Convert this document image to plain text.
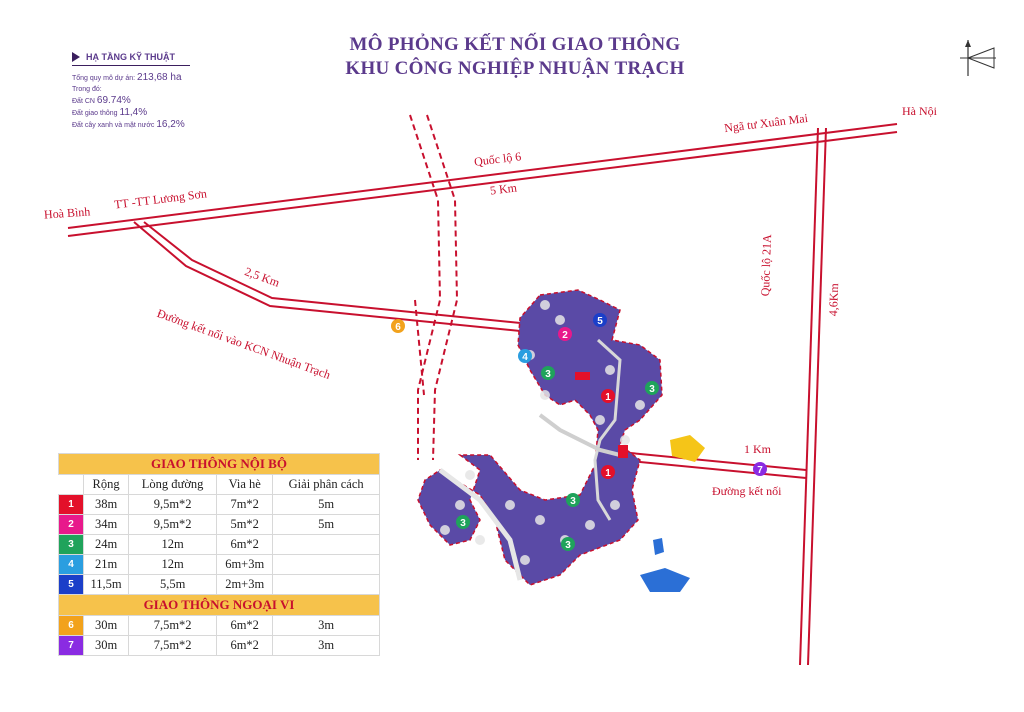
1
1
2
3
3
3
3
3
4
5
6
7
MÔ PHỎNG KẾT NỐI GIAO THÔNG
KHU CÔNG NGHIỆP NHUẬN TRẠCH
HẠ TẦNG KỸ THUẬT
Tổng quy mô dự án: 213,68 ha
Trong đó:
Đất CN 69.74%
Đất giao thông 11,4%
Đất cây xanh và mặt nước 16,2%
Hoà Bình
TT -TT Lương Sơn
Quốc lộ 6
5 Km
Ngã tư Xuân Mai	Hà Nội
2,5 Km
Đường kết nối vào KCN Nhuận Trạch
Quốc lộ 21A
4,6Km
1 Km
Đường kết nối
GIAO THÔNG NỘI BỘ				
	Rộng	Lòng đường	Via hè	Giải phân cách
1	38m	9,5m*2	7m*2	5m
2	34m	9,5m*2	5m*2	5m
3	24m	12m	6m*2	
4	21m	12m	6m+3m	
5	11,5m	5,5m	2m+3m	
GIAO THÔNG NGOẠI VI				
6	30m	7,5m*2	6m*2	3m
7	30m	7,5m*2	6m*2	3m
